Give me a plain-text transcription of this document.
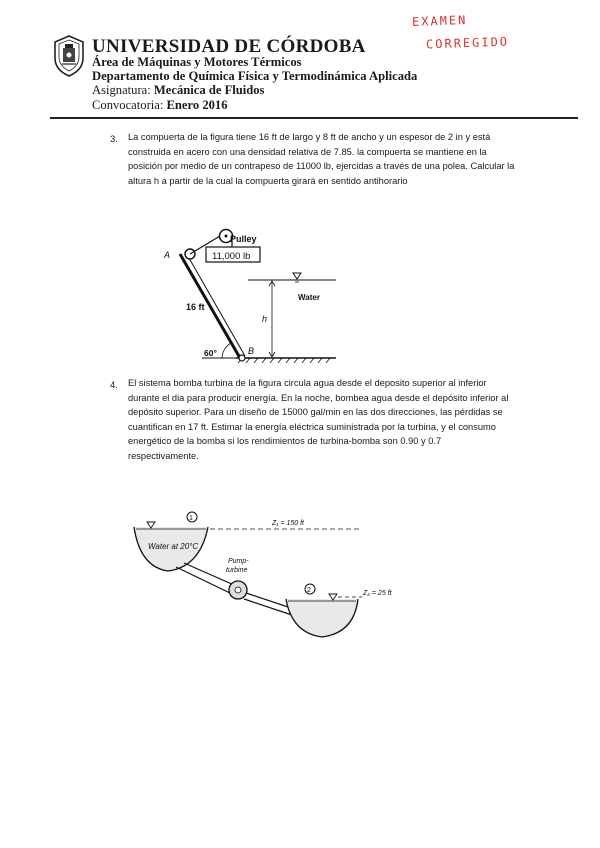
EXAMEN
CORREGIDO
UNIVERSIDAD DE CÓRDOBA
Área de Máquinas y Motores Térmicos
Departamento de Química Física y Termodinámica Aplicada
Asignatura: Mecánica de Fluidos
Convocatoria: Enero 2016
3. La compuerta de la figura tiene 16 ft de largo y 8 ft de ancho y un espesor de 2 in y está
construida en acero con una densidad relativa de 7.85. la compuerta se mantiene en la
posición por medio de un contrapeso de 11000 lb, ejercidas a través de una polea. Calcular la
altura h a partir de la cual la compuerta girará en sentido antihorario
Pulley
11,000 lb
Water
16 ft
60°
A
B
h
4. El sistema bomba turbina de la figura circula agua desde el deposito superior al inferior
durante el dia para producir energía. En la noche, bombea agua desde el depósito inferior al
depósito superior. Para un diseño de 15000 gal/min en las dos direcciones, las pérdidas se
cuantifican en 17 ft. Estimar la energía eléctrica suministrada por la turbina, y el consumo
energético de la bomba si los rendimientos de turbina-bomba son 0.90 y 0.7
respectivamente.
1
2
Z₁ = 150 ft
Z₂ = 25 ft
Water at 20°C
Pump-
turbine
